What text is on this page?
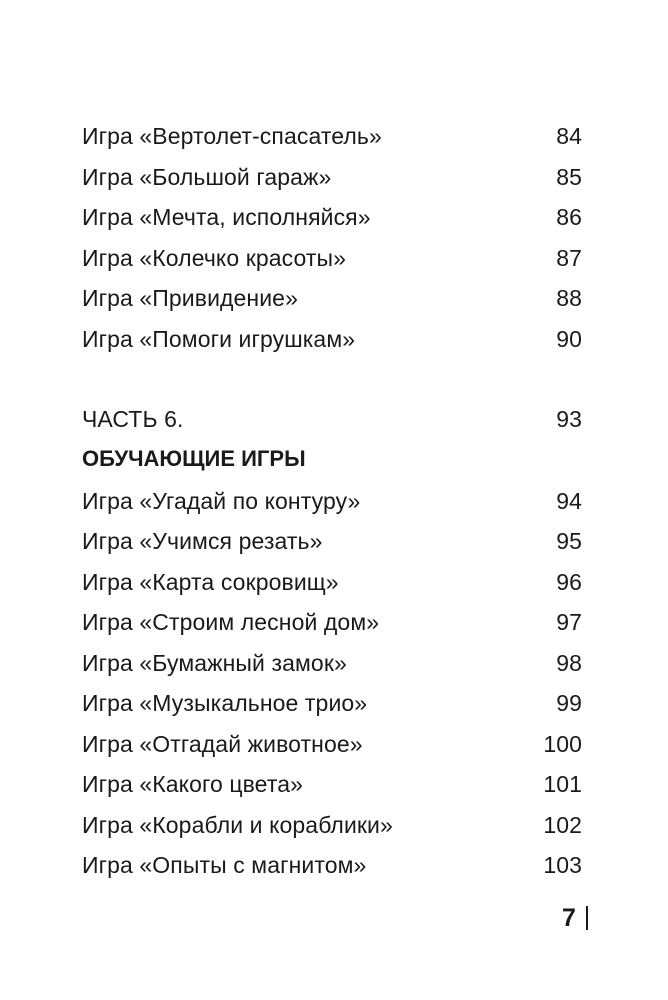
Игра «Вертолет-спасатель»	84
Игра «Большой гараж»	85
Игра «Мечта, исполняйся»	86
Игра «Колечко красоты»	87
Игра «Привидение»	88
Игра «Помоги игрушкам»	90
ЧАСТЬ 6.	93
ОБУЧАЮЩИЕ ИГРЫ
Игра «Угадай по контуру»	94
Игра «Учимся резать»	95
Игра «Карта сокровищ»	96
Игра «Строим лесной дом»	97
Игра «Бумажный замок»	98
Игра «Музыкальное трио»	99
Игра «Отгадай животное»	100
Игра «Какого цвета»	101
Игра «Корабли и кораблики»	102
Игра «Опыты с магнитом»	103
7
